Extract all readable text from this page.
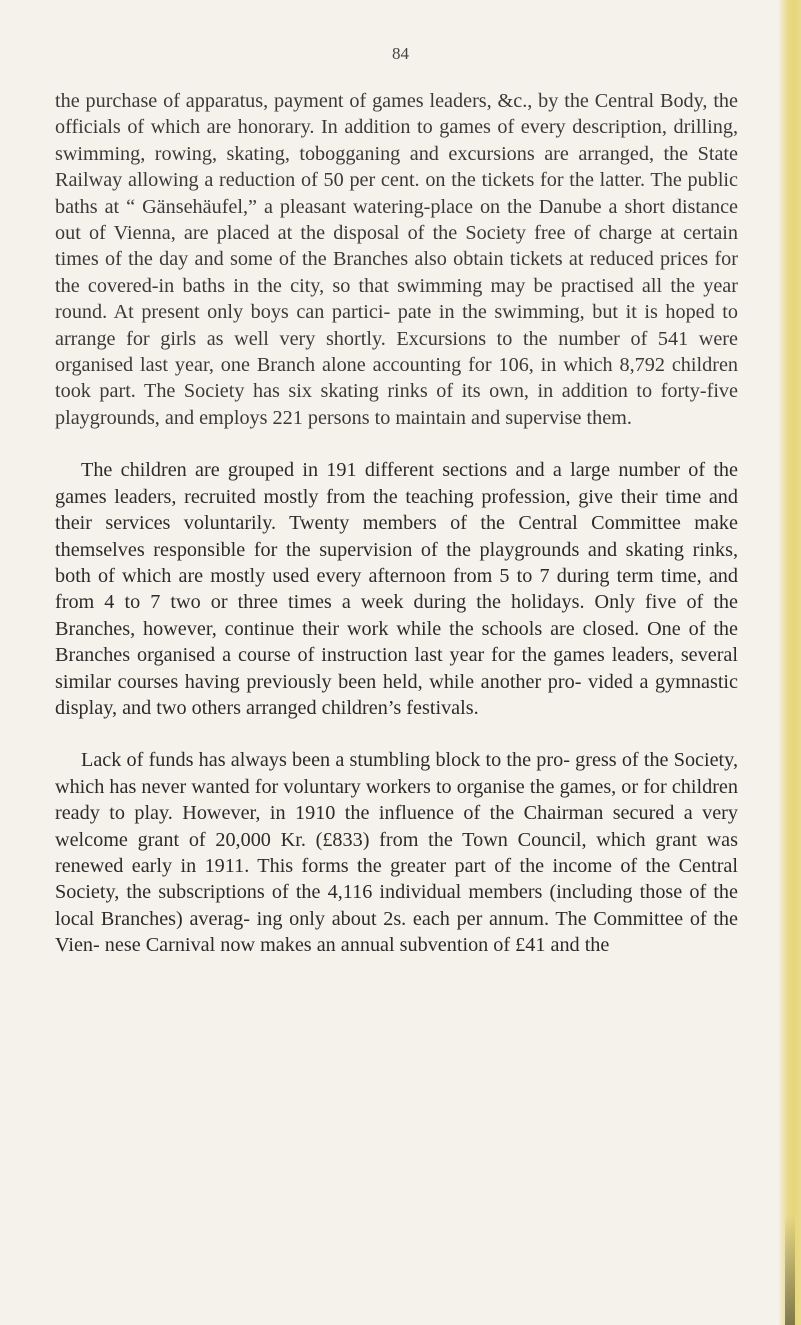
84

the purchase of apparatus, payment of games leaders, &c., by the Central Body, the officials of which are honorary. In addition to games of every description, drilling, swimming, rowing, skating, tobogganing and excursions are arranged, the State Railway allowing a reduction of 50 per cent. on the tickets for the latter. The public baths at “ Gänsehäufel,” a pleasant watering-place on the Danube a short distance out of Vienna, are placed at the disposal of the Society free of charge at certain times of the day and some of the Branches also obtain tickets at reduced prices for the covered-in baths in the city, so that swimming may be practised all the year round. At present only boys can partici- pate in the swimming, but it is hoped to arrange for girls as well very shortly. Excursions to the number of 541 were organised last year, one Branch alone accounting for 106, in which 8,792 children took part. The Society has six skating rinks of its own, in addition to forty-five playgrounds, and employs 221 persons to maintain and supervise them.

The children are grouped in 191 different sections and a large number of the games leaders, recruited mostly from the teaching profession, give their time and their services voluntarily. Twenty members of the Central Committee make themselves responsible for the supervision of the playgrounds and skating rinks, both of which are mostly used every afternoon from 5 to 7 during term time, and from 4 to 7 two or three times a week during the holidays. Only five of the Branches, however, continue their work while the schools are closed. One of the Branches organised a course of instruction last year for the games leaders, several similar courses having previously been held, while another pro- vided a gymnastic display, and two others arranged children’s festivals.

Lack of funds has always been a stumbling block to the pro- gress of the Society, which has never wanted for voluntary workers to organise the games, or for children ready to play. However, in 1910 the influence of the Chairman secured a very welcome grant of 20,000 Kr. (£833) from the Town Council, which grant was renewed early in 1911. This forms the greater part of the income of the Central Society, the subscriptions of the 4,116 individual members (including those of the local Branches) averag- ing only about 2s. each per annum. The Committee of the Vien- nese Carnival now makes an annual subvention of £41 and the
